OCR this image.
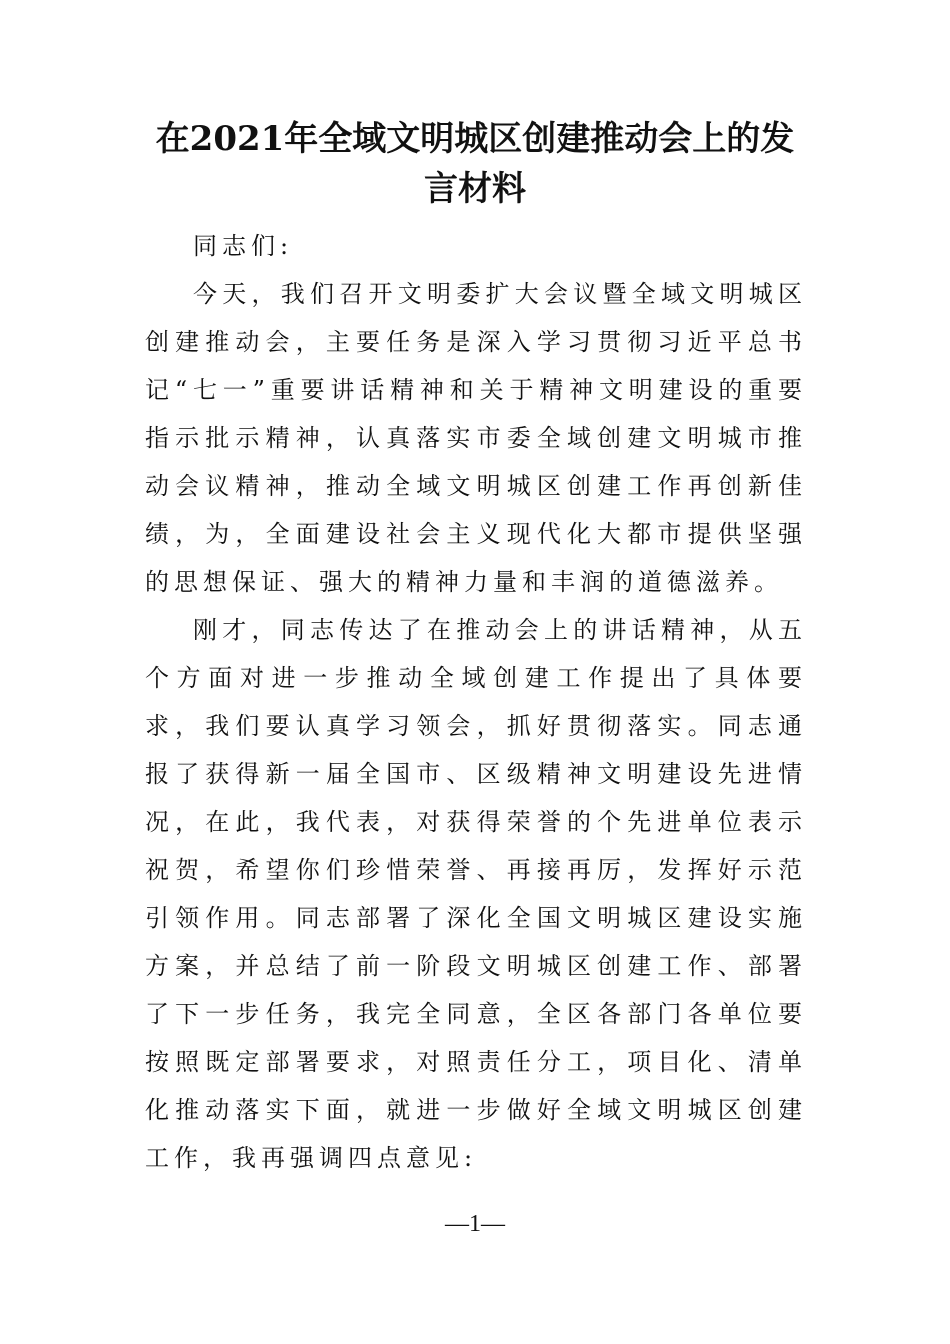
在2021年全域文明城区创建推动会上的发言材料

同志们:

今天，我们召开文明委扩大会议暨全域文明城区创建推动会，主要任务是深入学习贯彻习近平总书记“七一”重要讲话精神和关于精神文明建设的重要指示批示精神，认真落实市委全域创建文明城市推动会议精神，推动全域文明城区创建工作再创新佳绩，为，全面建设社会主义现代化大都市提供坚强的思想保证、强大的精神力量和丰润的道德滋养。

刚才，同志传达了在推动会上的讲话精神，从五个方面对进一步推动全域创建工作提出了具体要求，我们要认真学习领会，抓好贯彻落实。同志通报了获得新一届全国市、区级精神文明建设先进情况，在此，我代表，对获得荣誉的个先进单位表示祝贺，希望你们珍惜荣誉、再接再厉，发挥好示范引领作用。同志部署了深化全国文明城区建设实施方案，并总结了前一阶段文明城区创建工作、部署了下一步任务，我完全同意，全区各部门各单位要按照既定部署要求，对照责任分工，项目化、清单化推动落实下面，就进一步做好全域文明城区创建工作，我再强调四点意见:

—1—
